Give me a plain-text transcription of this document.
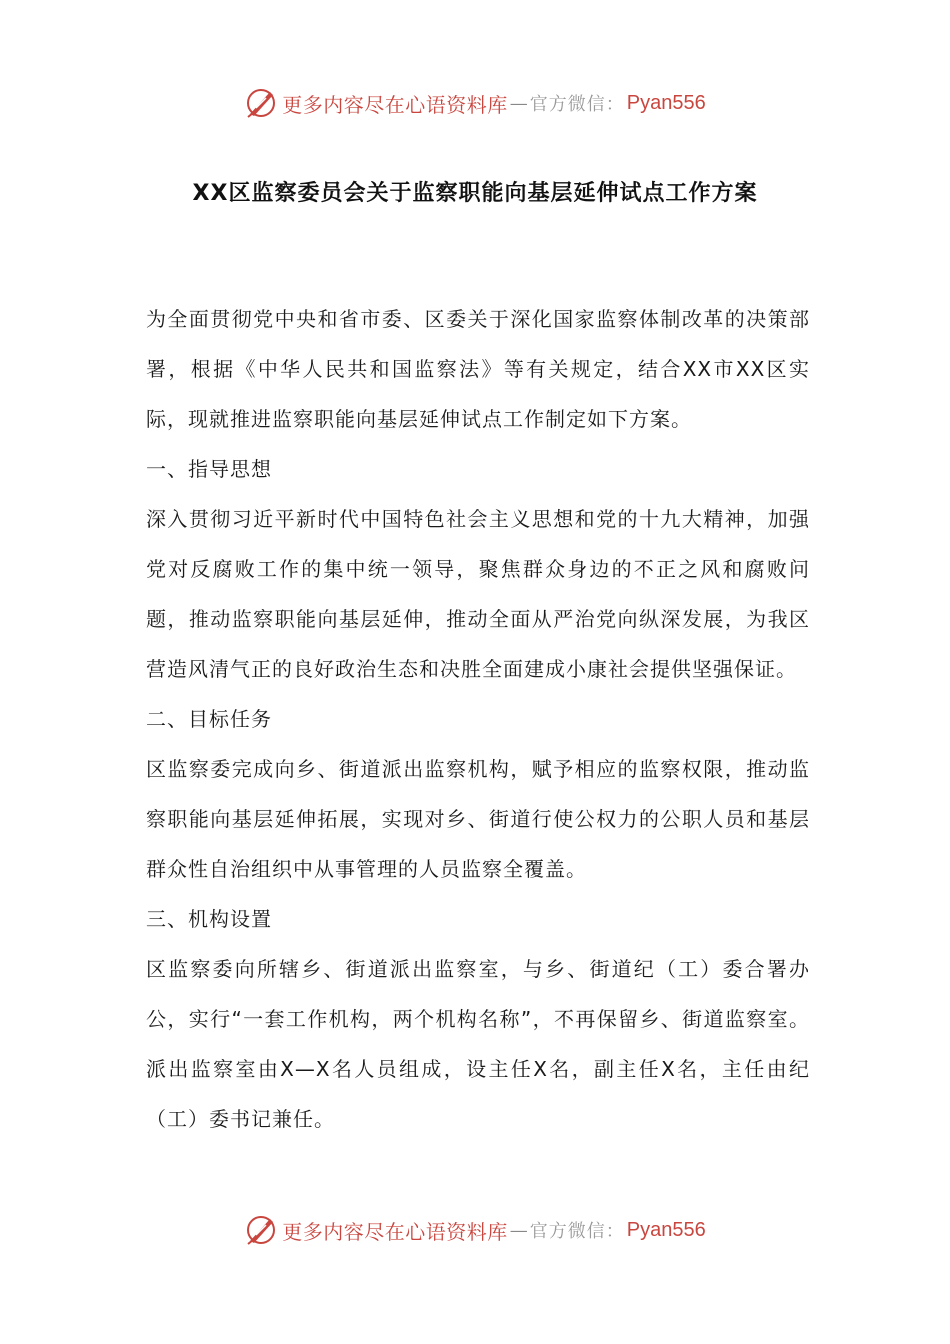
更多内容尽在心语资料库 — 官方微信： Pyan556
XX区监察委员会关于监察职能向基层延伸试点工作方案

为全面贯彻党中央和省市委、区委关于深化国家监察体制改革的决策部署，根据《中华人民共和国监察法》等有关规定，结合XX市XX区实际，现就推进监察职能向基层延伸试点工作制定如下方案。

一、指导思想

深入贯彻习近平新时代中国特色社会主义思想和党的十九大精神，加强党对反腐败工作的集中统一领导，聚焦群众身边的不正之风和腐败问题，推动监察职能向基层延伸，推动全面从严治党向纵深发展，为我区营造风清气正的良好政治生态和决胜全面建成小康社会提供坚强保证。

二、目标任务

区监察委完成向乡、街道派出监察机构，赋予相应的监察权限，推动监察职能向基层延伸拓展，实现对乡、街道行使公权力的公职人员和基层群众性自治组织中从事管理的人员监察全覆盖。

三、机构设置

区监察委向所辖乡、街道派出监察室，与乡、街道纪（工）委合署办公，实行“一套工作机构，两个机构名称”，不再保留乡、街道监察室。派出监察室由X—X名人员组成，设主任X名，副主任X名，主任由纪（工）委书记兼任。

更多内容尽在心语资料库 — 官方微信： Pyan556
